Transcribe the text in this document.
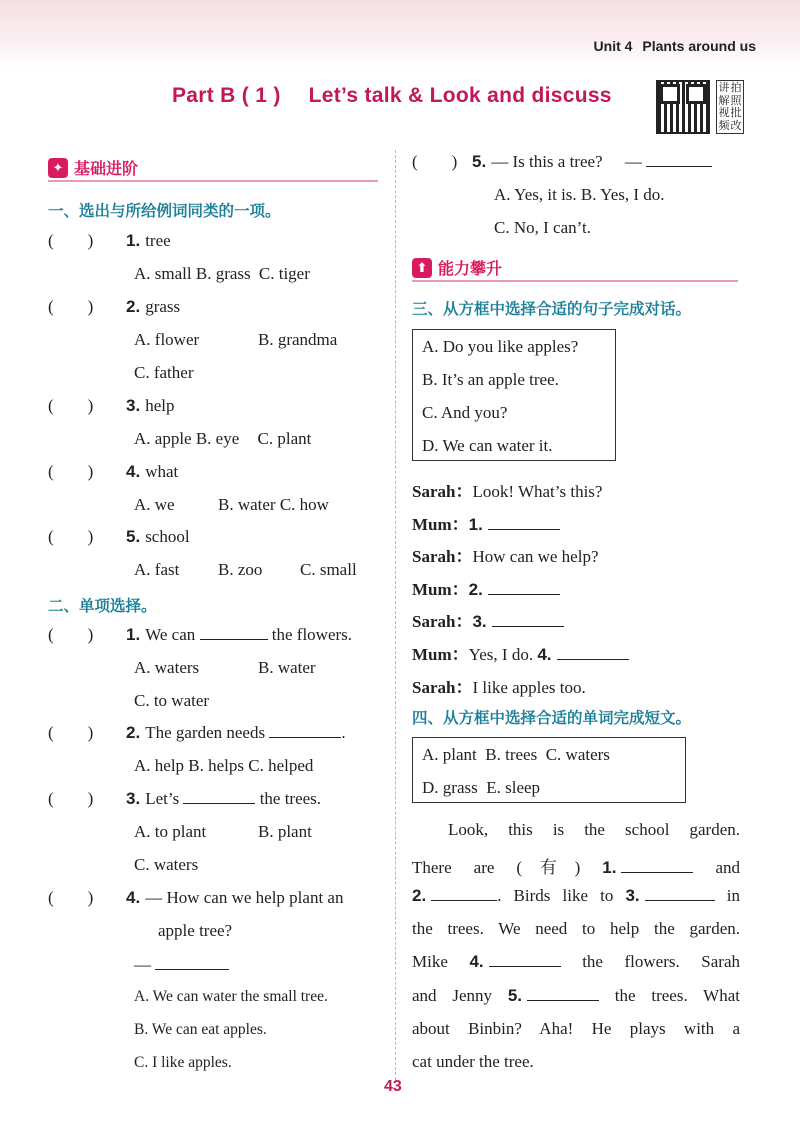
Unit 4 Plants around us
Part B ( 1 ) Let’s talk & Look and discuss	讲拍解照视批频改
✦ 基础进阶
一、选出与所给例词同类的一项。
(        ) 1. tree
A. small B. grass C. tiger
(        ) 2. grass
A. flower	B. grandma
C. father
(        ) 3. help
A. apple B. eye C. plant
(        ) 4. what
A. we	B. water C. how
(        ) 5. school
A. fast B. zoo C. small
二、单项选择。
(        ) 1. We can	the flowers.
A. waters	B. water
C. to water
(        ) 2. The garden needs	.
A. help B. helps C. helped
(        ) 3. Let’s	the trees.
A. to plant	B. plant
C. waters
(        ) 4. — How can we help plant an
apple tree?
—
A. We can water the small tree.
B. We can eat apples.
C. I like apples.
(        ) 5. — Is this a tree? —
A. Yes, it is. B. Yes, I do.
C. No, I can’t.
⬆ 能力攀升
三、从方框中选择合适的句子完成对话。
A. Do you like apples?
B. It’s an apple tree.
C. And you?
D. We can water it.
Sarah：Look! What’s this?
Mum：1.
Sarah：How can we help?
Mum：2.
Sarah：3.
Mum：Yes, I do. 4.
Sarah：I like apples too.
四、从方框中选择合适的单词完成短文。
A. plant B. trees C. waters
D. grass E. sleep
Look, this is the school garden.
There are (有) 1.	and
2.	. Birds like to 3.	in
the trees. We need to help the garden.
Mike 4.	the flowers. Sarah
and Jenny 5.	the trees. What
about Binbin? Aha! He plays with a
cat under the tree.
43
